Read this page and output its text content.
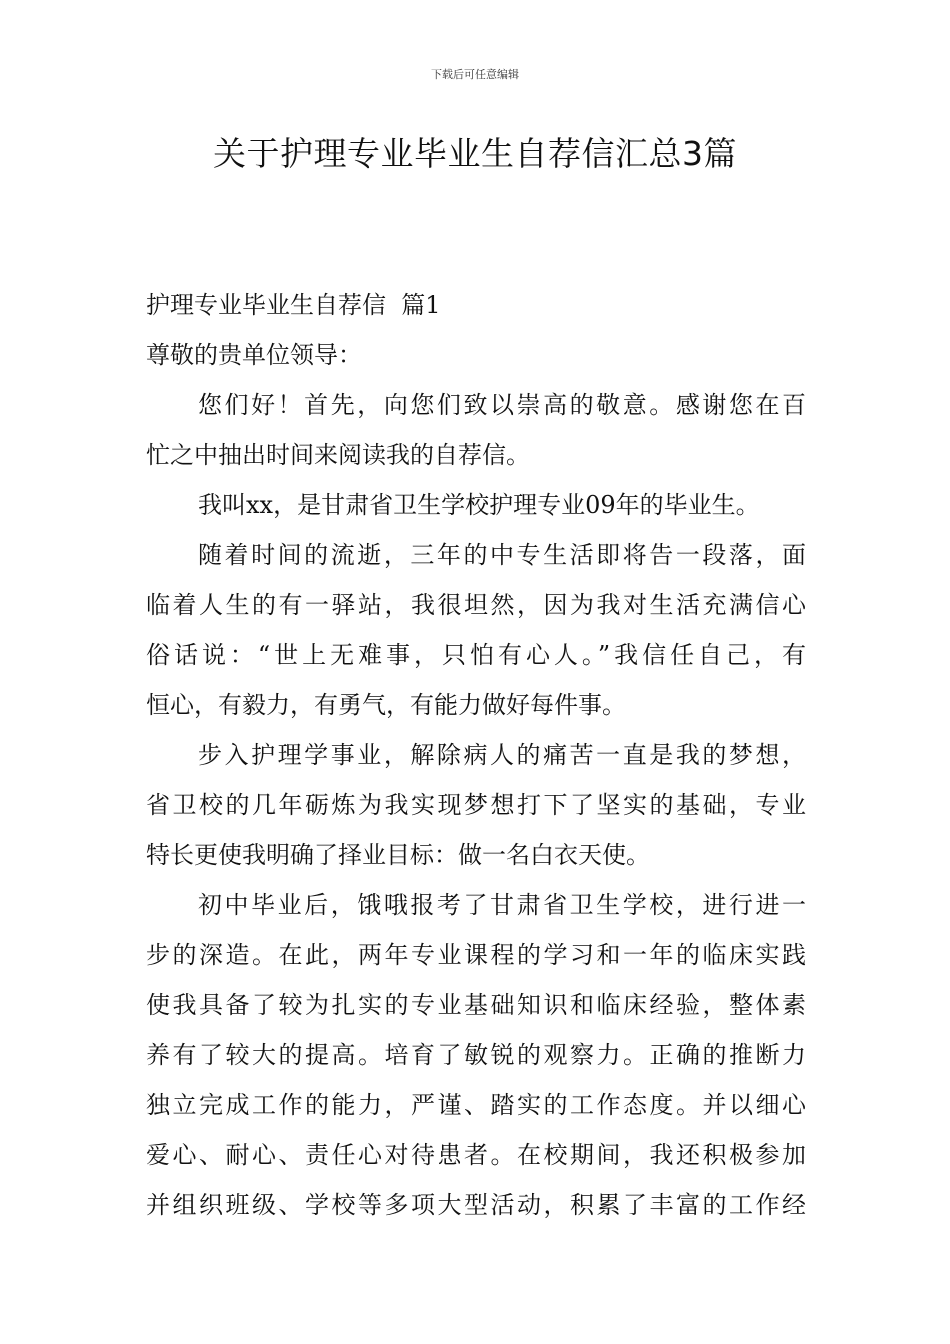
下载后可任意编辑
关于护理专业毕业生自荐信汇总3篇
护理专业毕业生自荐信  篇1
尊敬的贵单位领导：
您们好！首先，向您们致以崇高的敬意。感谢您在百
忙之中抽出时间来阅读我的自荐信。
我叫xx，是甘肃省卫生学校护理专业09年的毕业生。
随着时间的流逝，三年的中专生活即将告一段落，面
临着人生的有一驿站，我很坦然，因为我对生活充满信心
俗话说：“世上无难事，只怕有心人。”我信任自己，有
恒心，有毅力，有勇气，有能力做好每件事。
步入护理学事业，解除病人的痛苦一直是我的梦想，
省卫校的几年砺炼为我实现梦想打下了坚实的基础，专业
特长更使我明确了择业目标：做一名白衣天使。
初中毕业后，饿哦报考了甘肃省卫生学校，进行进一
步的深造。在此，两年专业课程的学习和一年的临床实践
使我具备了较为扎实的专业基础知识和临床经验，整体素
养有了较大的提高。培育了敏锐的观察力。正确的推断力
独立完成工作的能力，严谨、踏实的工作态度。并以细心
爱心、耐心、责任心对待患者。在校期间，我还积极参加
并组织班级、学校等多项大型活动，积累了丰富的工作经
